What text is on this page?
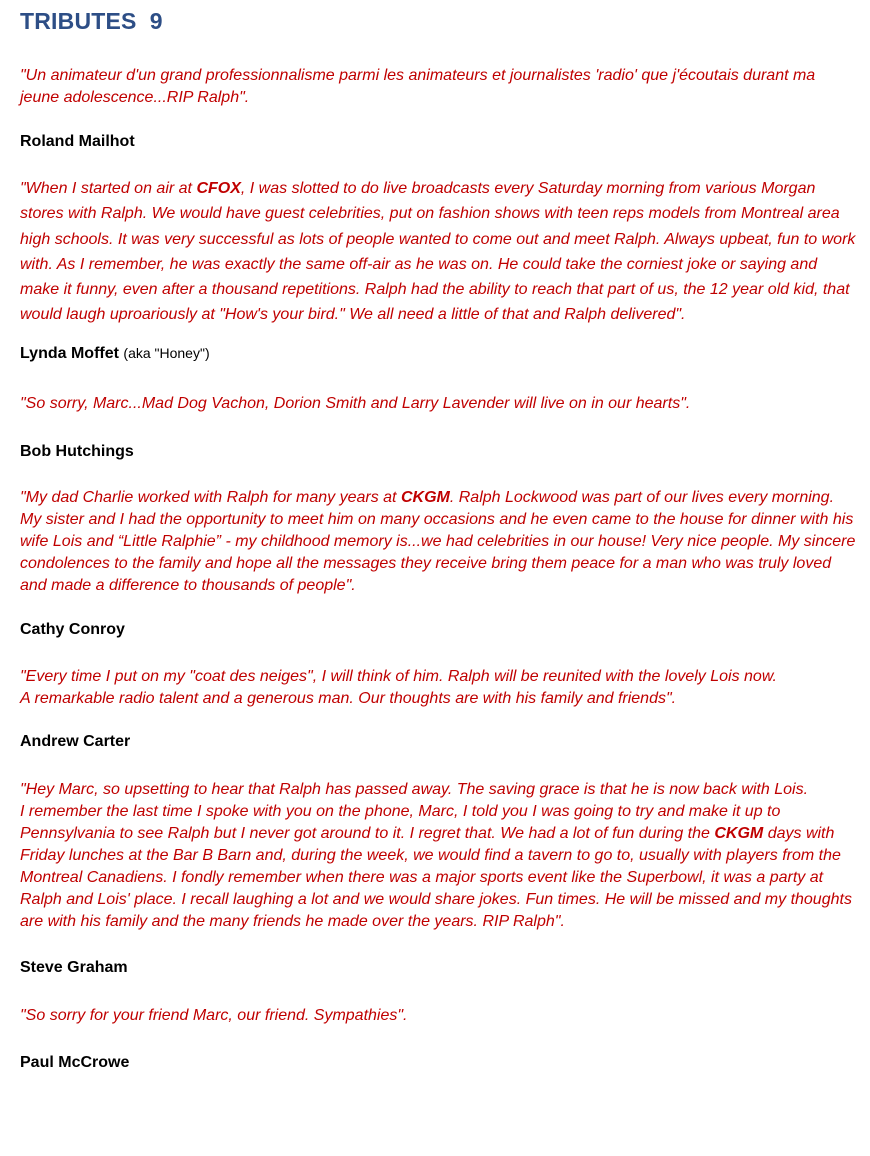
TRIBUTES  9

"Un animateur d'un grand professionnalisme parmi les animateurs et journalistes 'radio' que j'écoutais durant ma jeune adolescence...RIP Ralph".

Roland Mailhot

"When I started on air at CFOX, I was slotted to do live broadcasts every Saturday morning from various Morgan stores with Ralph. We would have guest celebrities, put on fashion shows with teen reps models from Montreal area high schools. It was very successful as lots of people wanted to come out and meet Ralph. Always upbeat, fun to work with. As I remember, he was exactly the same off-air as he was on. He could take the corniest joke or saying and make it funny, even after a thousand repetitions. Ralph had the ability to reach that part of us, the 12 year old kid, that would laugh uproariously at "How's your bird." We all need a little of that and Ralph delivered".

Lynda Moffet (aka "Honey")

"So sorry, Marc...Mad Dog Vachon, Dorion Smith and Larry Lavender will live on in our hearts".

Bob Hutchings

"My dad Charlie worked with Ralph for many years at CKGM. Ralph Lockwood was part of our lives every morning. My sister and I had the opportunity to meet him on many occasions and he even came to the house for dinner with his wife Lois and “Little Ralphie” - my childhood memory is...we had celebrities in our house! Very nice people. My sincere condolences to the family and hope all the messages they receive bring them peace for a man who was truly loved and made a difference to thousands of people".

Cathy Conroy

"Every time I put on my "coat des neiges", I will think of him. Ralph will be reunited with the lovely Lois now.
A remarkable radio talent and a generous man. Our thoughts are with his family and friends".

Andrew Carter

"Hey Marc, so upsetting to hear that Ralph has passed away. The saving grace is that he is now back with Lois.
I remember the last time I spoke with you on the phone, Marc, I told you I was going to try and make it up to Pennsylvania to see Ralph but I never got around to it. I regret that. We had a lot of fun during the CKGM days with Friday lunches at the Bar B Barn and, during the week, we would find a tavern to go to, usually with players from the Montreal Canadiens. I fondly remember when there was a major sports event like the Superbowl, it was a party at Ralph and Lois' place. I recall laughing a lot and we would share jokes. Fun times. He will be missed and my thoughts are with his family and the many friends he made over the years. RIP Ralph".

Steve Graham

"So sorry for your friend Marc, our friend. Sympathies".

Paul McCrowe
